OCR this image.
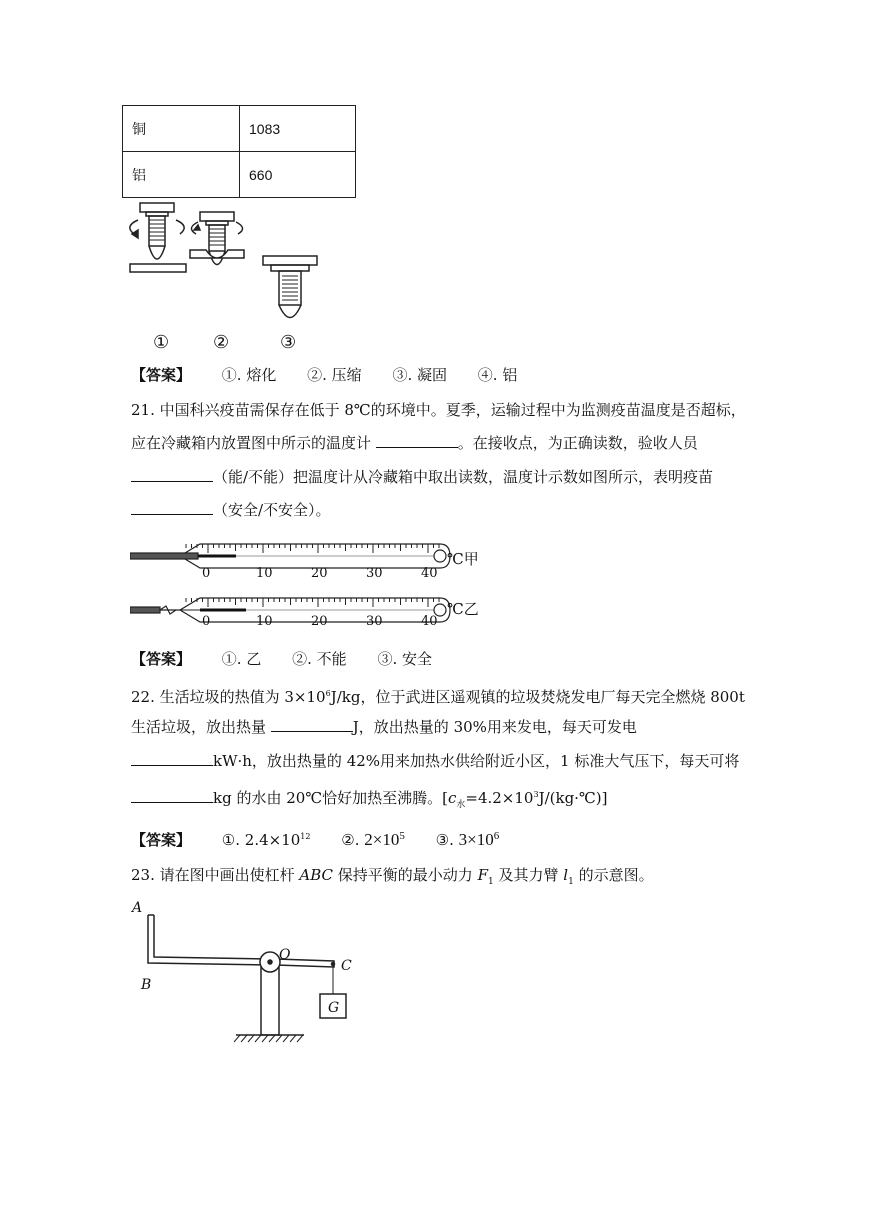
铜	1083
铝	660
① ②	③
【答案】 ①. 熔化 ②. 压缩 ③. 凝固 ④. 铝
21. 中国科兴疫苗需保存在低于 8℃的环境中。夏季，运输过程中为监测疫苗温度是否超标，
应在冷藏箱内放置图中所示的温度计	。在接收点，为正确读数，验收人员
（能/不能）把温度计从冷藏箱中取出读数，温度计示数如图所示，表明疫苗
（安全/不安全）。
0	10	20	30	40
℃甲
0	10	20	30	40
℃乙
【答案】 ①. 乙 ②. 不能 ③. 安全
22. 生活垃圾的热值为 $3\times 10^6J/kg$，位于武进区遥观镇的垃圾焚烧发电厂每天完全燃烧 800t
生活垃圾，放出热量	J，放出热量的 30%用来发电，每天可发电
kW·h，放出热量的 42%用来加热水供给附近小区，1 标准大气压下，每天可将
kg 的水由 20℃恰好加热至沸腾。$[c_水=4.2\times 10^3J/(kg\cdot℃)]$
【答案】 ①. $2.4\times 10^{12}$ ②. $2\times 10^5$ ③. $3\times 10^6$
23. 请在图中画出使杠杆 ABC 保持平衡的最小动力 $F_1$ 及其力臂 $l_1$ 的示意图。
A
B
O
C
G
